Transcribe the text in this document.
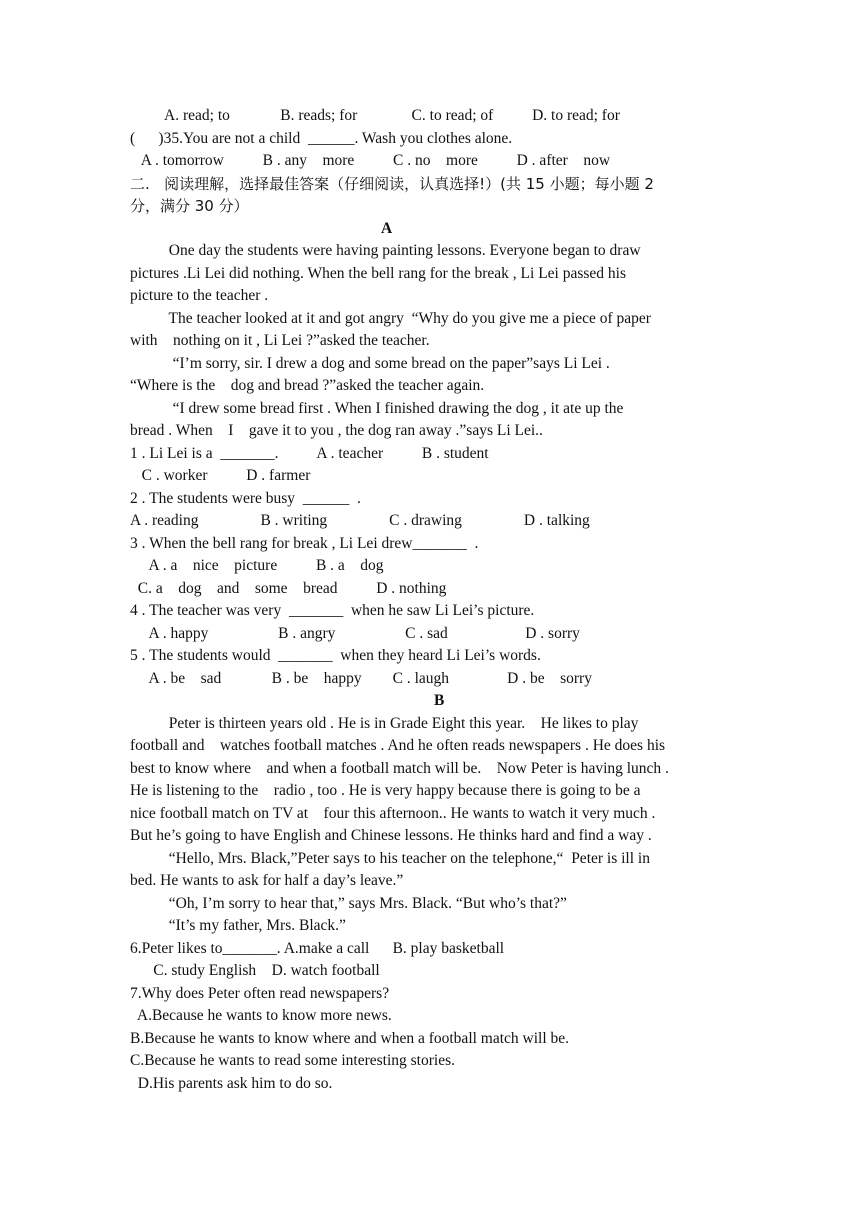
A. read; to             B. reads; for              C. to read; of          D. to read; for
(      )35.You are not a child  ______. Wash you clothes alone.
A . tomorrow          B . any    more          C . no    more          D . after    now
二.   阅读理解，选择最佳答案（仔细阅读，认真选择!）(共 15 小题；每小题 2
分，满分 30 分）
A
One day the students were having painting lessons. Everyone began to draw
pictures .Li Lei did nothing. When the bell rang for the break , Li Lei passed his
picture to the teacher .
The teacher looked at it and got angry  “Why do you give me a piece of paper
with    nothing on it , Li Lei ?”asked the teacher.
“I’m sorry, sir. I drew a dog and some bread on the paper”says Li Lei .
“Where is the    dog and bread ?”asked the teacher again.
“I drew some bread first . When I finished drawing the dog , it ate up the
bread . When    I    gave it to you , the dog ran away .”says Li Lei..
1 . Li Lei is a  _______.          A . teacher          B . student
C . worker          D . farmer
2 . The students were busy  ______  .
A . reading                B . writing                C . drawing                D . talking
3 . When the bell rang for break , Li Lei drew_______  .
A . a    nice    picture          B . a    dog
C. a    dog    and    some    bread          D . nothing
4 . The teacher was very  _______  when he saw Li Lei’s picture.
A . happy                  B . angry                  C . sad                    D . sorry
5 . The students would  _______  when they heard Li Lei’s words.
A . be    sad             B . be    happy        C . laugh               D . be    sorry
B
Peter is thirteen years old . He is in Grade Eight this year.    He likes to play
football and    watches football matches . And he often reads newspapers . He does his
best to know where    and when a football match will be.    Now Peter is having lunch .
He is listening to the    radio , too . He is very happy because there is going to be a
nice football match on TV at    four this afternoon.. He wants to watch it very much .
But he’s going to have English and Chinese lessons. He thinks hard and find a way .
“Hello, Mrs. Black,”Peter says to his teacher on the telephone,“  Peter is ill in
bed. He wants to ask for half a day’s leave.”
“Oh, I’m sorry to hear that,” says Mrs. Black. “But who’s that?”
“It’s my father, Mrs. Black.”
6.Peter likes to_______. A.make a call      B. play basketball
C. study English    D. watch football
7.Why does Peter often read newspapers?
A.Because he wants to know more news.
B.Because he wants to know where and when a football match will be.
C.Because he wants to read some interesting stories.
D.His parents ask him to do so.
